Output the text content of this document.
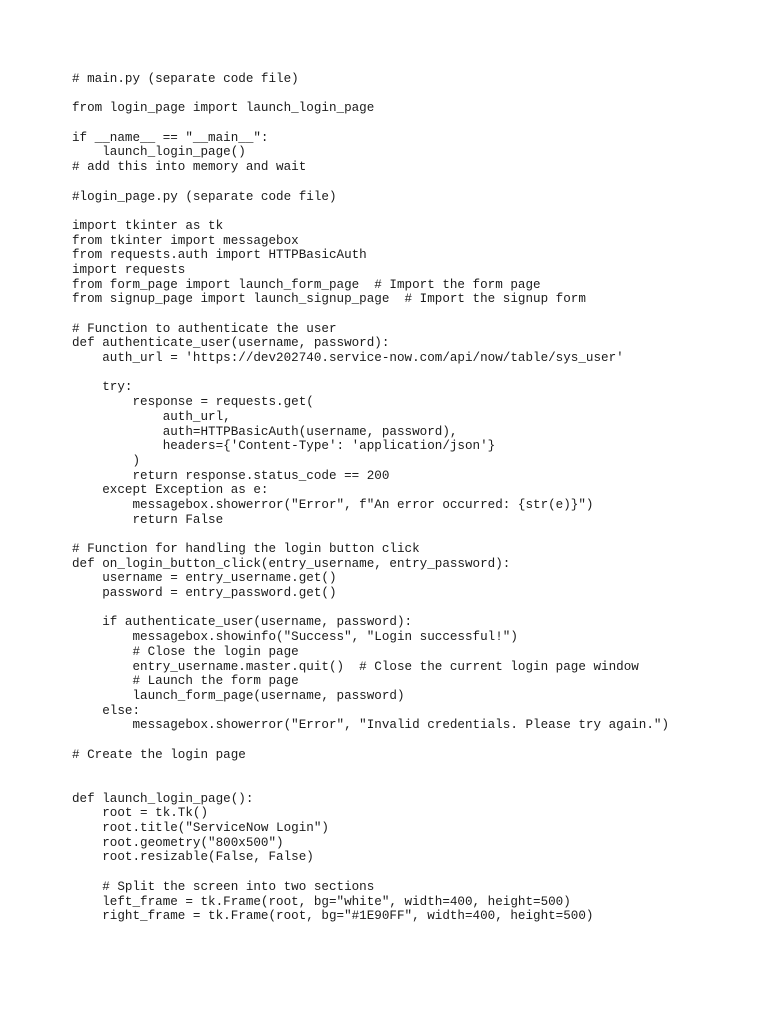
# main.py (separate code file)

from login_page import launch_login_page

if __name__ == "__main__":
launch_login_page()
# add this into memory and wait

#login_page.py (separate code file)

import tkinter as tk
from tkinter import messagebox
from requests.auth import HTTPBasicAuth
import requests
from form_page import launch_form_page  # Import the form page
from signup_page import launch_signup_page  # Import the signup form

# Function to authenticate the user
def authenticate_user(username, password):
auth_url = 'https://dev202740.service-now.com/api/now/table/sys_user'

try:
response = requests.get(
auth_url,
auth=HTTPBasicAuth(username, password),
headers={'Content-Type': 'application/json'}
)
return response.status_code == 200
except Exception as e:
messagebox.showerror("Error", f"An error occurred: {str(e)}")
return False

# Function for handling the login button click
def on_login_button_click(entry_username, entry_password):
username = entry_username.get()
password = entry_password.get()

if authenticate_user(username, password):
messagebox.showinfo("Success", "Login successful!")
# Close the login page
entry_username.master.quit()  # Close the current login page window
# Launch the form page
launch_form_page(username, password)
else:
messagebox.showerror("Error", "Invalid credentials. Please try again.")

# Create the login page

def launch_login_page():
root = tk.Tk()
root.title("ServiceNow Login")
root.geometry("800x500")
root.resizable(False, False)

# Split the screen into two sections
left_frame = tk.Frame(root, bg="white", width=400, height=500)
right_frame = tk.Frame(root, bg="#1E90FF", width=400, height=500)
